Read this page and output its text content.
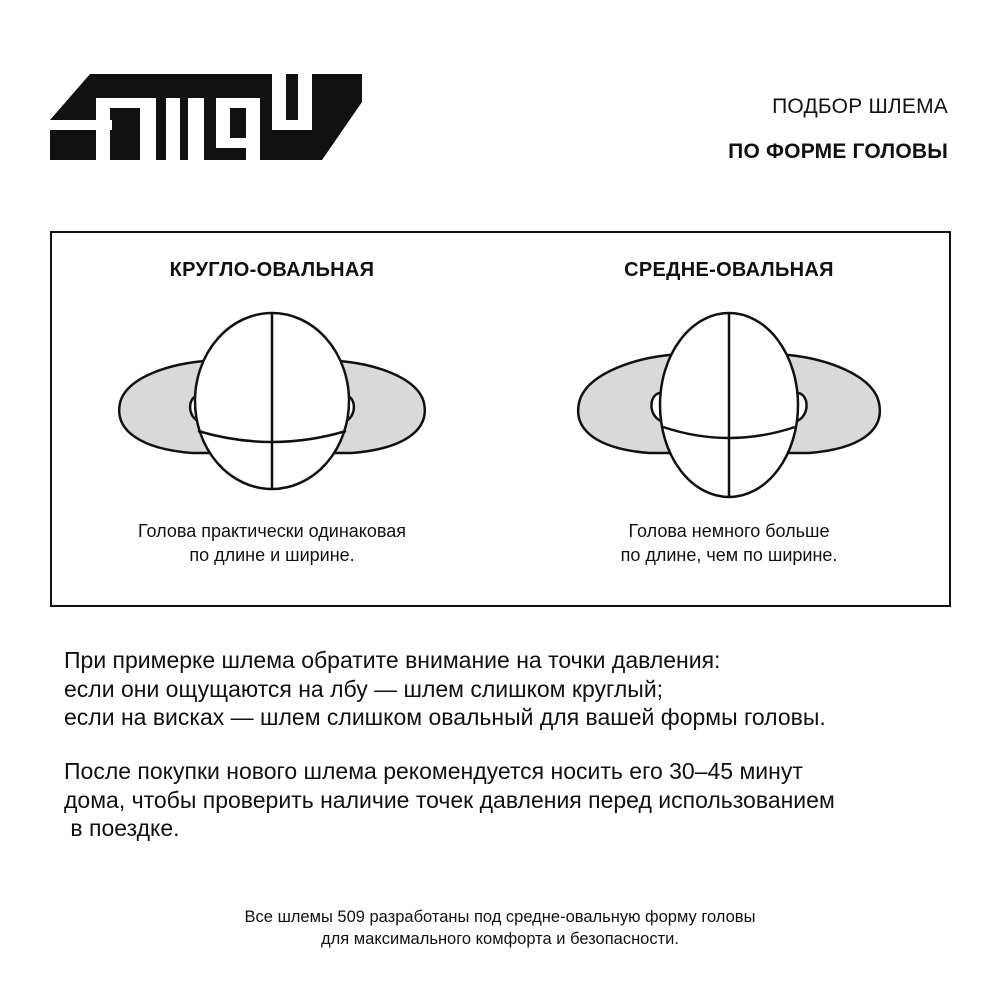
ПОДБОР ШЛЕМА
ПО ФОРМЕ ГОЛОВЫ
КРУГЛО-ОВАЛЬНАЯ
Голова практически одинаковая
по длине и ширине.
СРЕДНЕ-ОВАЛЬНАЯ
Голова немного больше
по длине, чем по ширине.
При примерке шлема обратите внимание на точки давления:
если они ощущаются на лбу — шлем слишком круглый;
если на висках — шлем слишком овальный для вашей формы головы.
После покупки нового шлема рекомендуется носить его 30–45 минут
дома, чтобы проверить наличие точек давления перед использованием
в поездке.
Все шлемы 509 разработаны под средне-овальную форму головы
для максимального комфорта и безопасности.
